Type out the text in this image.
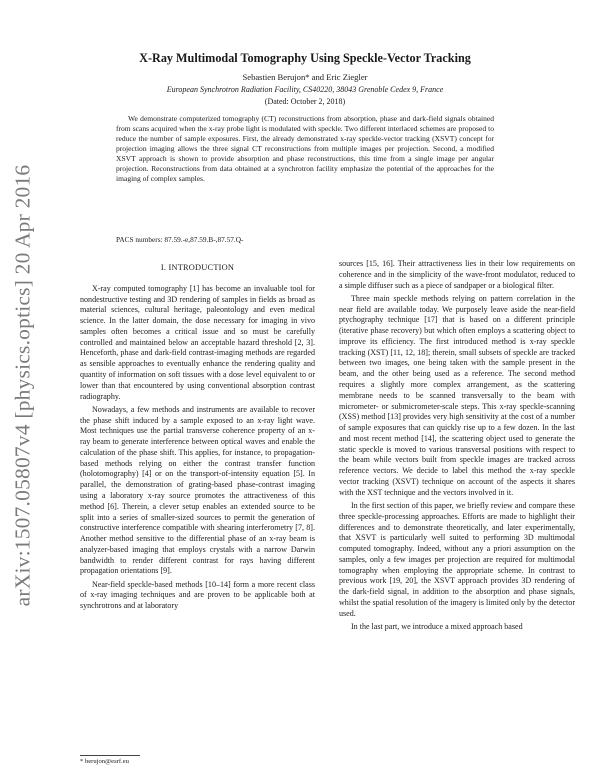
arXiv:1507.05807v4 [physics.optics] 20 Apr 2016
X-Ray Multimodal Tomography Using Speckle-Vector Tracking
Sebastien Berujon* and Eric Ziegler
European Synchrotron Radiation Facility, CS40220, 38043 Grenoble Cedex 9, France
(Dated: October 2, 2018)

We demonstrate computerized tomography (CT) reconstructions from absorption, phase and dark-field signals obtained from scans acquired when the x-ray probe light is modulated with speckle. Two different interlaced schemes are proposed to reduce the number of sample exposures. First, the already demonstrated x-ray speckle-vector tracking (XSVT) concept for projection imaging allows the three signal CT reconstructions from multiple images per projection. Second, a modified XSVT approach is shown to provide absorption and phase reconstructions, this time from a single image per angular projection. Reconstructions from data obtained at a synchrotron facility emphasize the potential of the approaches for the imaging of complex samples.

PACS numbers: 87.59.-e,87.59.B-,87.57.Q-
I. INTRODUCTION

X-ray computed tomography [1] has become an invaluable tool for nondestructive testing and 3D rendering of samples in fields as broad as material sciences, cultural heritage, paleontology and even medical science. In the latter domain, the dose necessary for imaging in vivo samples often becomes a critical issue and so must be carefully controlled and maintained below an acceptable hazard threshold [2, 3]. Henceforth, phase and dark-field contrast-imaging methods are regarded as sensible approaches to eventually enhance the rendering quality and quantity of information on soft tissues with a dose level equivalent to or lower than that encountered by using conventional absorption contrast radiography.

Nowadays, a few methods and instruments are available to recover the phase shift induced by a sample exposed to an x-ray light wave. Most techniques use the partial transverse coherence property of an x-ray beam to generate interference between optical waves and enable the calculation of the phase shift. This applies, for instance, to propagation-based methods relying on either the contrast transfer function (holotomography) [4] or on the transport-of-intensity equation [5]. In parallel, the demonstration of grating-based phase-contrast imaging using a laboratory x-ray source promotes the attractiveness of this method [6]. Therein, a clever setup enables an extended source to be split into a series of smaller-sized sources to permit the generation of constructive interference compatible with shearing interferometry [7, 8]. Another method sensitive to the differential phase of an x-ray beam is analyzer-based imaging that employs crystals with a narrow Darwin bandwidth to render different contrast for rays having different propagation orientations [9].

Near-field speckle-based methods [10–14] form a more recent class of x-ray imaging techniques and are proven to be applicable both at synchrotrons and at laboratory

sources [15, 16]. Their attractiveness lies in their low requirements on coherence and in the simplicity of the wave-front modulator, reduced to a simple diffuser such as a piece of sandpaper or a biological filter.

Three main speckle methods relying on pattern correlation in the near field are available today. We purposely leave aside the near-field ptychography technique [17] that is based on a different principle (iterative phase recovery) but which often employs a scattering object to improve its efficiency. The first introduced method is x-ray speckle tracking (XST) [11, 12, 18]; therein, small subsets of speckle are tracked between two images, one being taken with the sample present in the beam, and the other being used as a reference. The second method requires a slightly more complex arrangement, as the scattering membrane needs to be scanned transversally to the beam with micrometer- or submicrometer-scale steps. This x-ray speckle-scanning (XSS) method [13] provides very high sensitivity at the cost of a number of sample exposures that can quickly rise up to a few dozen. In the last and most recent method [14], the scattering object used to generate the static speckle is moved to various transversal positions with respect to the beam while vectors built from speckle images are tracked across reference vectors. We decide to label this method the x-ray speckle vector tracking (XSVT) technique on account of the aspects it shares with the XST technique and the vectors involved in it.

In the first section of this paper, we briefly review and compare these three speckle-processing approaches. Efforts are made to highlight their differences and to demonstrate theoretically, and later experimentally, that XSVT is particularly well suited to performing 3D multimodal computed tomography. Indeed, without any a priori assumption on the samples, only a few images per projection are required for multimodal tomography when employing the appropriate scheme. In contrast to previous work [19, 20], the XSVT approach provides 3D rendering of the dark-field signal, in addition to the absorption and phase signals, whilst the spatial resolution of the imagery is limited only by the detector used.

In the last part, we introduce a mixed approach based

* berujon@esrf.eu
